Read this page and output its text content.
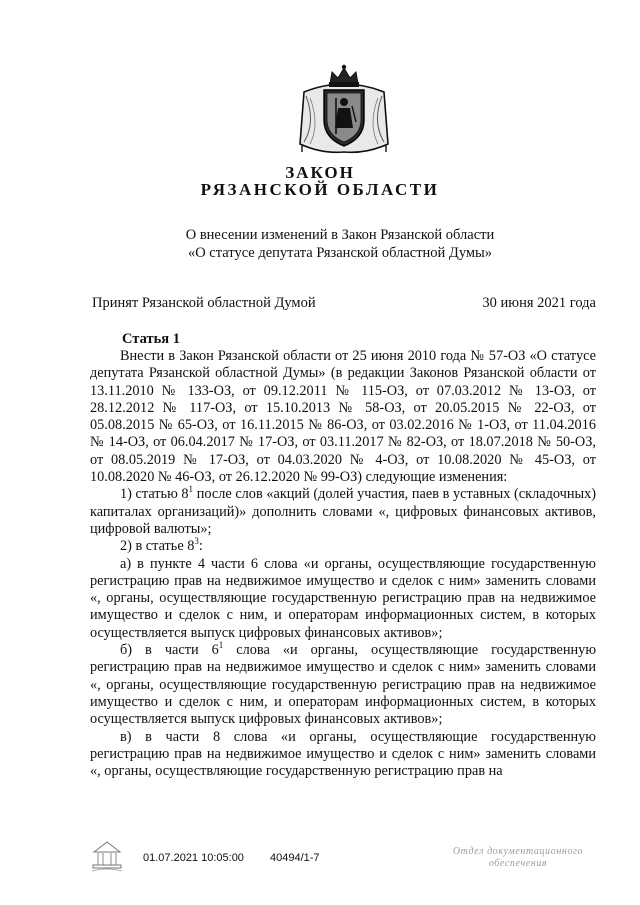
ЗАКОН
РЯЗАНСКОЙ ОБЛАСТИ
О внесении изменений в Закон Рязанской области
«О статусе депутата Рязанской областной Думы»
Принят Рязанской областной Думой	30 июня 2021 года
Статья 1

Внести в Закон Рязанской области от 25 июня 2010 года № 57-ОЗ «О статусе депутата Рязанской областной Думы» (в редакции Законов Рязанской области от 13.11.2010 № 133-ОЗ, от 09.12.2011 № 115-ОЗ, от 07.03.2012 № 13-ОЗ, от 28.12.2012 № 117-ОЗ, от 15.10.2013 № 58-ОЗ, от 20.05.2015 № 22-ОЗ, от 05.08.2015 № 65-ОЗ, от 16.11.2015 № 86-ОЗ, от 03.02.2016 № 1-ОЗ, от 11.04.2016 № 14-ОЗ, от 06.04.2017 № 17-ОЗ, от 03.11.2017 № 82-ОЗ, от 18.07.2018 № 50-ОЗ, от 08.05.2019 № 17-ОЗ, от 04.03.2020 № 4-ОЗ, от 10.08.2020 № 45-ОЗ, от 10.08.2020 № 46-ОЗ, от 26.12.2020 № 99-ОЗ) следующие изменения:

1) статью $8^1$ после слов «акций (долей участия, паев в уставных (складочных) капиталах организаций)» дополнить словами «, цифровых финансовых активов, цифровой валюты»;

2) в статье $8^3$:

а) в пункте 4 части 6 слова «и органы, осуществляющие государственную регистрацию прав на недвижимое имущество и сделок с ним» заменить словами «, органы, осуществляющие государственную регистрацию прав на недвижимое имущество и сделок с ним, и операторам информационных систем, в которых осуществляется выпуск цифровых финансовых активов»;

б) в части $6^1$ слова «и органы, осуществляющие государственную регистрацию прав на недвижимое имущество и сделок с ним» заменить словами «, органы, осуществляющие государственную регистрацию прав на недвижимое имущество и сделок с ним, и операторам информационных систем, в которых осуществляется выпуск цифровых финансовых активов»;

в) в части 8 слова «и органы, осуществляющие государственную регистрацию прав на недвижимое имущество и сделок с ним» заменить словами «, органы, осуществляющие государственную регистрацию прав на

01.07.2021 10:05:00 40494/1-7
Отдел документационного
обеспечения
